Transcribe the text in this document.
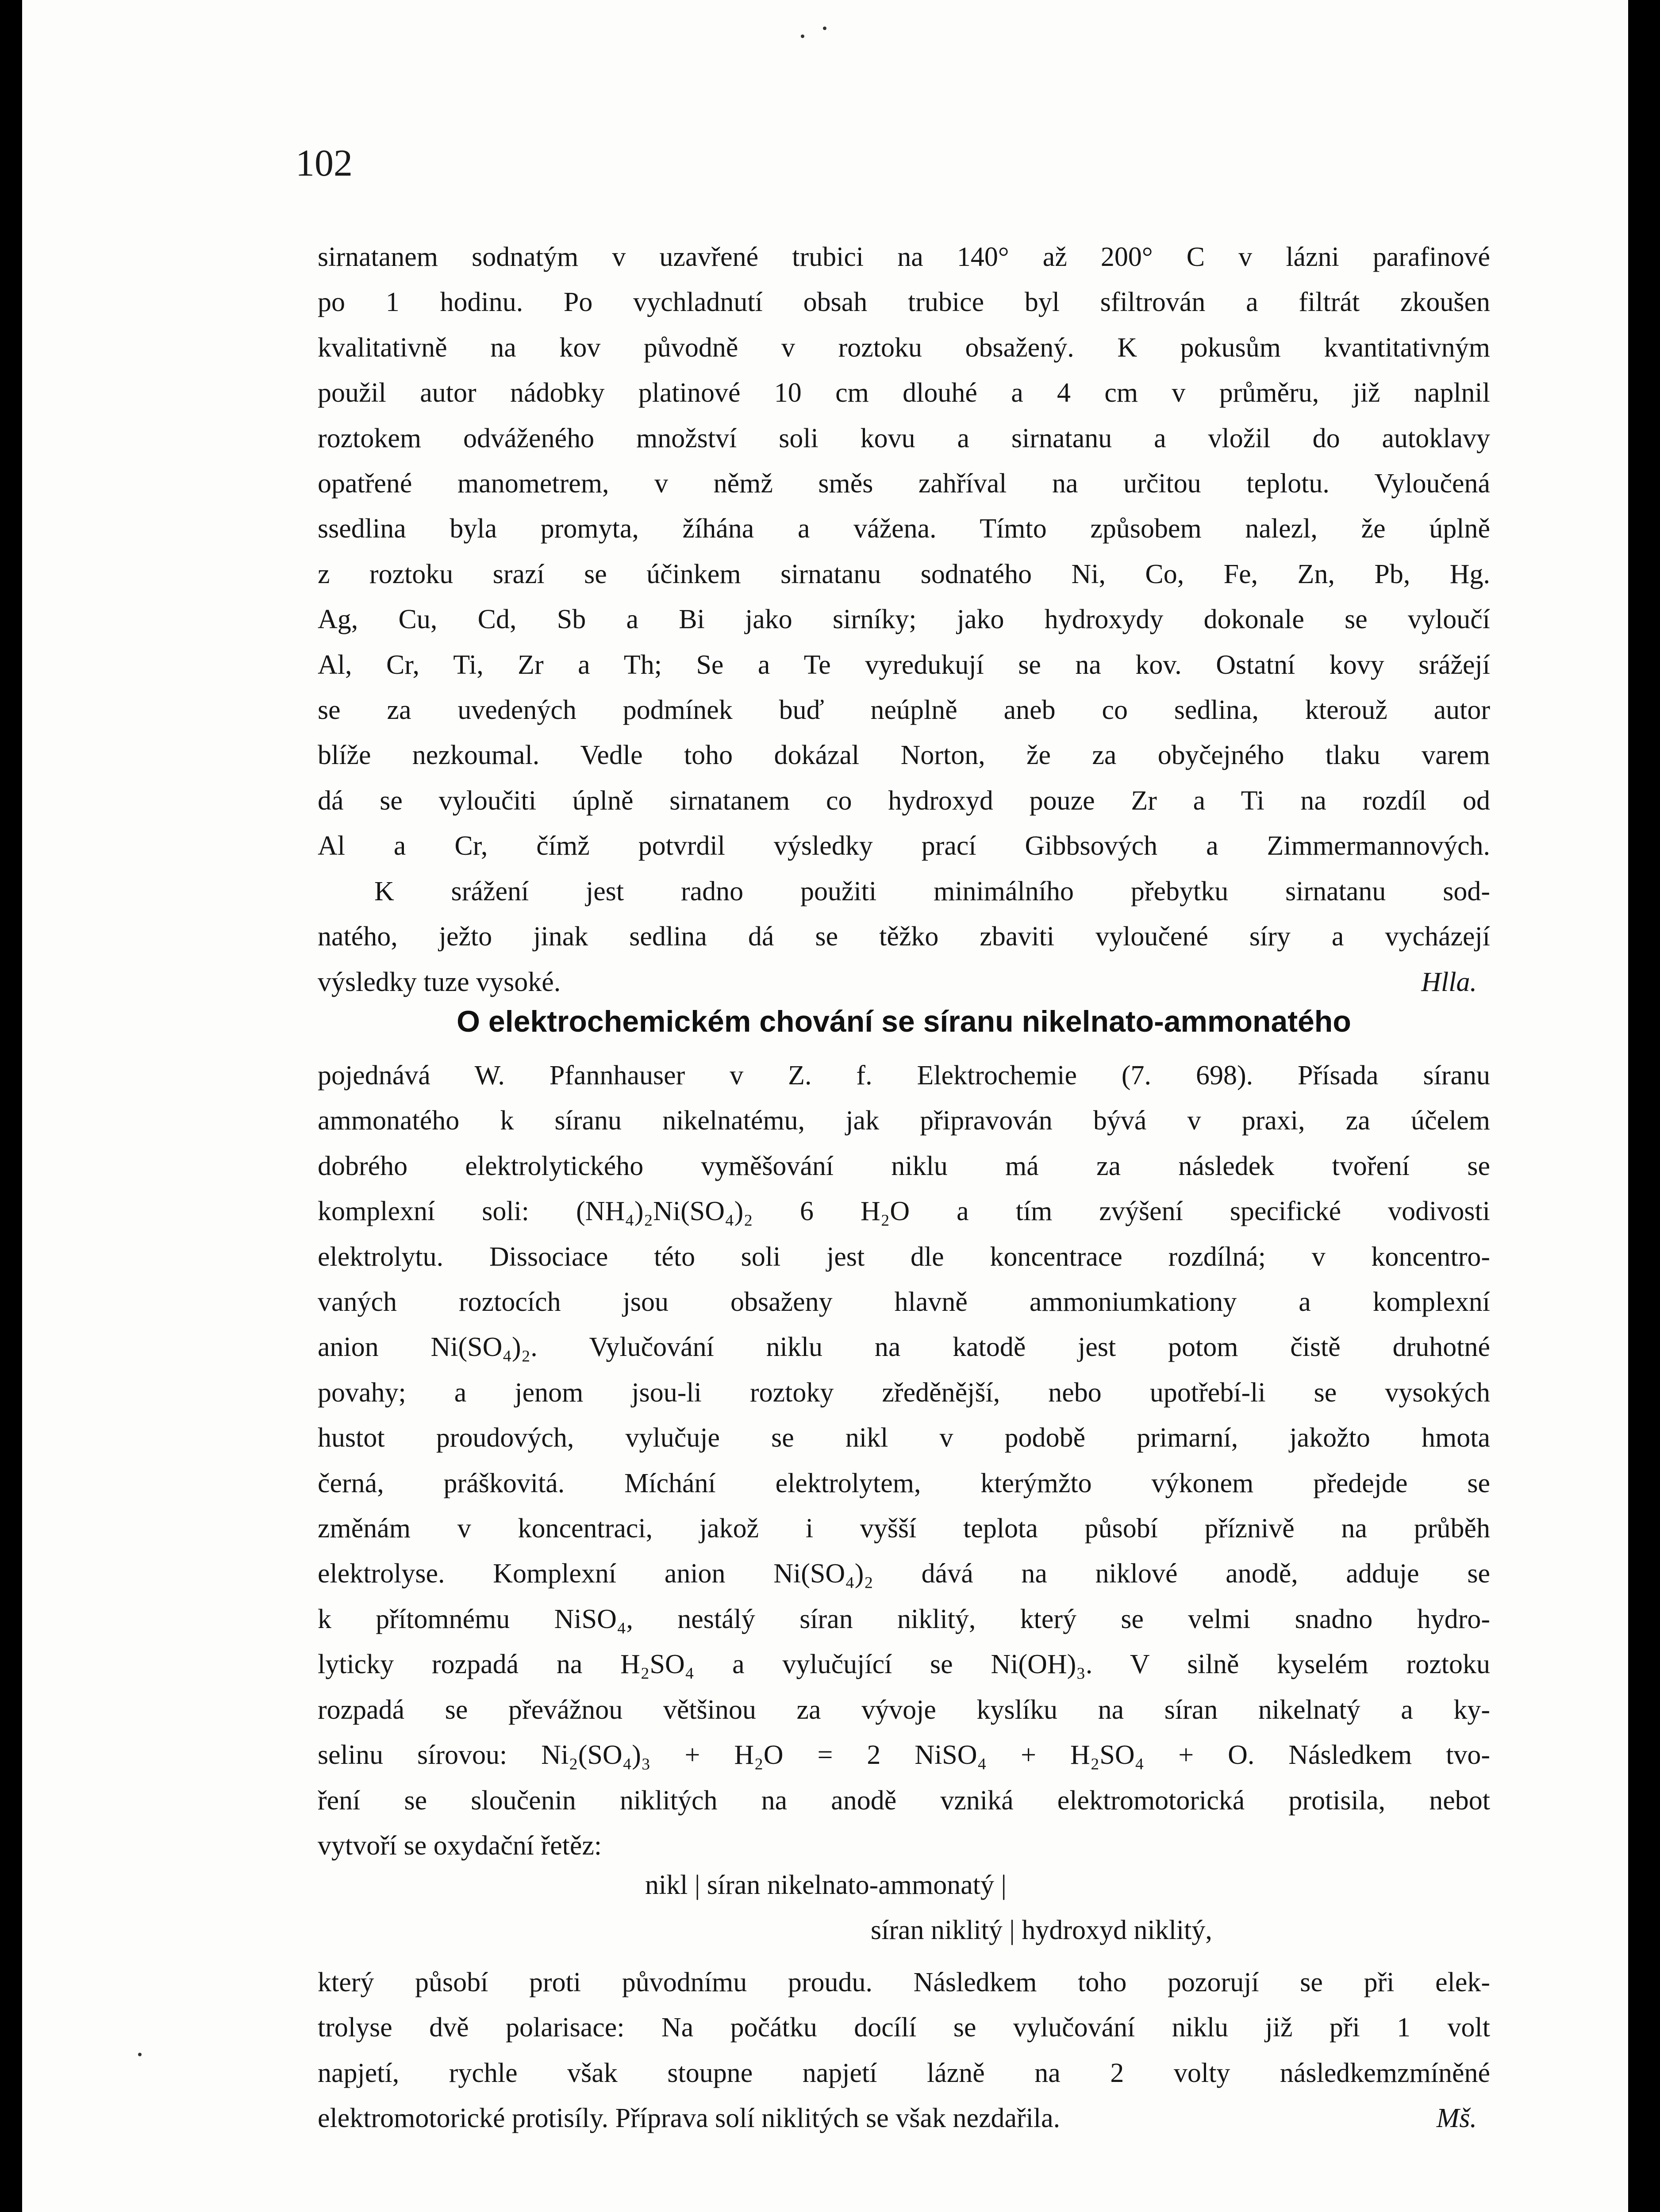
102

sirnatanem sodnatým v uzavřené trubici na 140° až 200° C v lázni parafinové

po 1 hodinu. Po vychladnutí obsah trubice byl sfiltrován a filtrát zkoušen

kvalitativně na kov původně v roztoku obsažený. K pokusům kvantitativným

použil autor nádobky platinové 10 cm dlouhé a 4 cm v průměru, již naplnil

roztokem odváženého množství soli kovu a sirnatanu a vložil do autoklavy

opatřené manometrem, v němž směs zahříval na určitou teplotu. Vyloučená

ssedlina byla promyta, žíhána a vážena. Tímto způsobem nalezl, že úplně

z roztoku srazí se účinkem sirnatanu sodnatého Ni, Co, Fe, Zn, Pb, Hg.

Ag, Cu, Cd, Sb a Bi jako sirníky; jako hydroxydy dokonale se vyloučí

Al, Cr, Ti, Zr a Th; Se a Te vyredukují se na kov. Ostatní kovy srážejí

se za uvedených podmínek buď neúplně aneb co sedlina, kterouž autor

blíže nezkoumal. Vedle toho dokázal Norton, že za obyčejného tlaku varem

dá se vyloučiti úplně sirnatanem co hydroxyd pouze Zr a Ti na rozdíl od

Al a Cr, čímž potvrdil výsledky prací Gibbsových a Zimmermannových.

K srážení jest radno použiti minimálního přebytku sirnatanu sod-

natého, ježto jinak sedlina dá se těžko zbaviti vyloučené síry a vycházejí

výsledky tuze vysoké.	Hlla.

O elektrochemickém chování se síranu nikelnato-ammonatého

pojednává W. Pfannhauser v Z. f. Elektrochemie (7. 698). Přísada síranu

ammonatého k síranu nikelnatému, jak připravován bývá v praxi, za účelem

dobrého elektrolytického vyměšování niklu má za následek tvoření se

komplexní soli: (NH₄)₂Ni(SO₄)₂ 6 H₂O a tím zvýšení specifické vodivosti

elektrolytu. Dissociace této soli jest dle koncentrace rozdílná; v koncentro-

vaných roztocích jsou obsaženy hlavně ammoniumkationy a komplexní

anion Ni(SO₄)₂. Vylučování niklu na katodě jest potom čistě druhotné

povahy; a jenom jsou-li roztoky zředěnější, nebo upotřebí-li se vysokých

hustot proudových, vylučuje se nikl v podobě primarní, jakožto hmota

černá, práškovitá. Míchání elektrolytem, kterýmžto výkonem předejde se

změnám v koncentraci, jakož i vyšší teplota působí příznivě na průběh

elektrolyse. Komplexní anion Ni(SO₄)₂ dává na niklové anodě, adduje se

k přítomnému NiSO₄, nestálý síran niklitý, který se velmi snadno hydro-

lyticky rozpadá na H₂SO₄ a vylučující se Ni(OH)₃. V silně kyselém roztoku

rozpadá se převážnou většinou za vývoje kyslíku na síran nikelnatý a ky-

selinu sírovou: Ni₂(SO₄)₃ + H₂O = 2 NiSO₄ + H₂SO₄ + O. Následkem tvo-

ření se sloučenin niklitých na anodě vzniká elektromotorická protisila, nebot

vytvoří se oxydační řetěz:

nikl | síran nikelnato-ammonatý |
síran niklitý | hydroxyd niklitý,

který působí proti původnímu proudu. Následkem toho pozorují se při elek-

trolyse dvě polarisace: Na počátku docílí se vylučování niklu již při 1 volt

napjetí, rychle však stoupne napjetí lázně na 2 volty následkemzmíněné

elektromotorické protisíly. Příprava solí niklitých se však nezdařila.	Mš.
